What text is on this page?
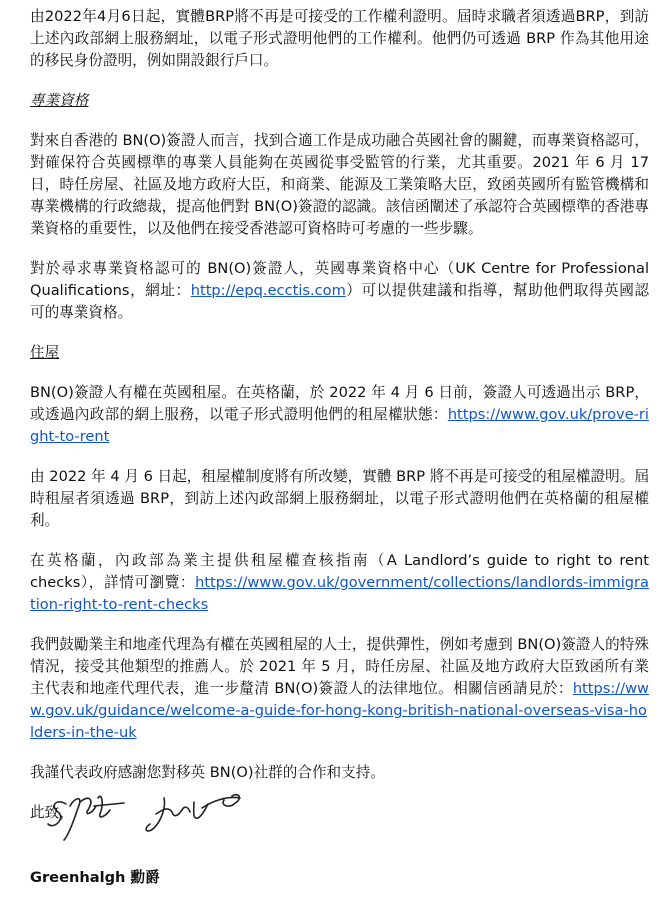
由2022年4月6日起，實體BRP將不再是可接受的工作權利證明。屆時求職者須透過BRP，到訪上述內政部網上服務網址，以電子形式證明他們的工作權利。他們仍可透過 BRP 作為其他用途的移民身份證明，例如開設銀行戶口。

專業資格

對來自香港的 BN(O)簽證人而言，找到合適工作是成功融合英國社會的關鍵，而專業資格認可，對確保符合英國標準的專業人員能夠在英國從事受監管的行業，尤其重要。2021 年 6 月 17 日，時任房屋、社區及地方政府大臣，和商業、能源及工業策略大臣，致函英國所有監管機構和專業機構的行政總裁，提高他們對 BN(O)簽證的認識。該信函闡述了承認符合英國標準的香港專業資格的重要性，以及他們在接受香港認可資格時可考慮的一些步驟。

對於尋求專業資格認可的 BN(O)簽證人，英國專業資格中心（UK Centre for Professional Qualifications，網址：http://epq.ecctis.com）可以提供建議和指導，幫助他們取得英國認可的專業資格。

住屋

BN(O)簽證人有權在英國租屋。在英格蘭，於 2022 年 4 月 6 日前，簽證人可透過出示 BRP，或透過內政部的網上服務，以電子形式證明他們的租屋權狀態：https://www.gov.uk/prove-right-to-rent

由 2022 年 4 月 6 日起，租屋權制度將有所改變，實體 BRP 將不再是可接受的租屋權證明。屆時租屋者須透過 BRP，到訪上述內政部網上服務網址，以電子形式證明他們在英格蘭的租屋權利。

在英格蘭，內政部為業主提供租屋權查核指南（A Landlord’s guide to right to rent checks），詳情可瀏覽：https://www.gov.uk/government/collections/landlords-immigration-right-to-rent-checks

我們鼓勵業主和地產代理為有權在英國租屋的人士，提供彈性，例如考慮到 BN(O)簽證人的特殊情況，接受其他類型的推薦人。於 2021 年 5 月，時任房屋、社區及地方政府大臣致函所有業主代表和地產代理代表，進一步釐清 BN(O)簽證人的法律地位。相關信函請見於：https://www.gov.uk/guidance/welcome-a-guide-for-hong-kong-british-national-overseas-visa-holders-in-the-uk

我謹代表政府感謝您對移英 BN(O)社群的合作和支持。

此致，

Greenhalgh 勳爵
